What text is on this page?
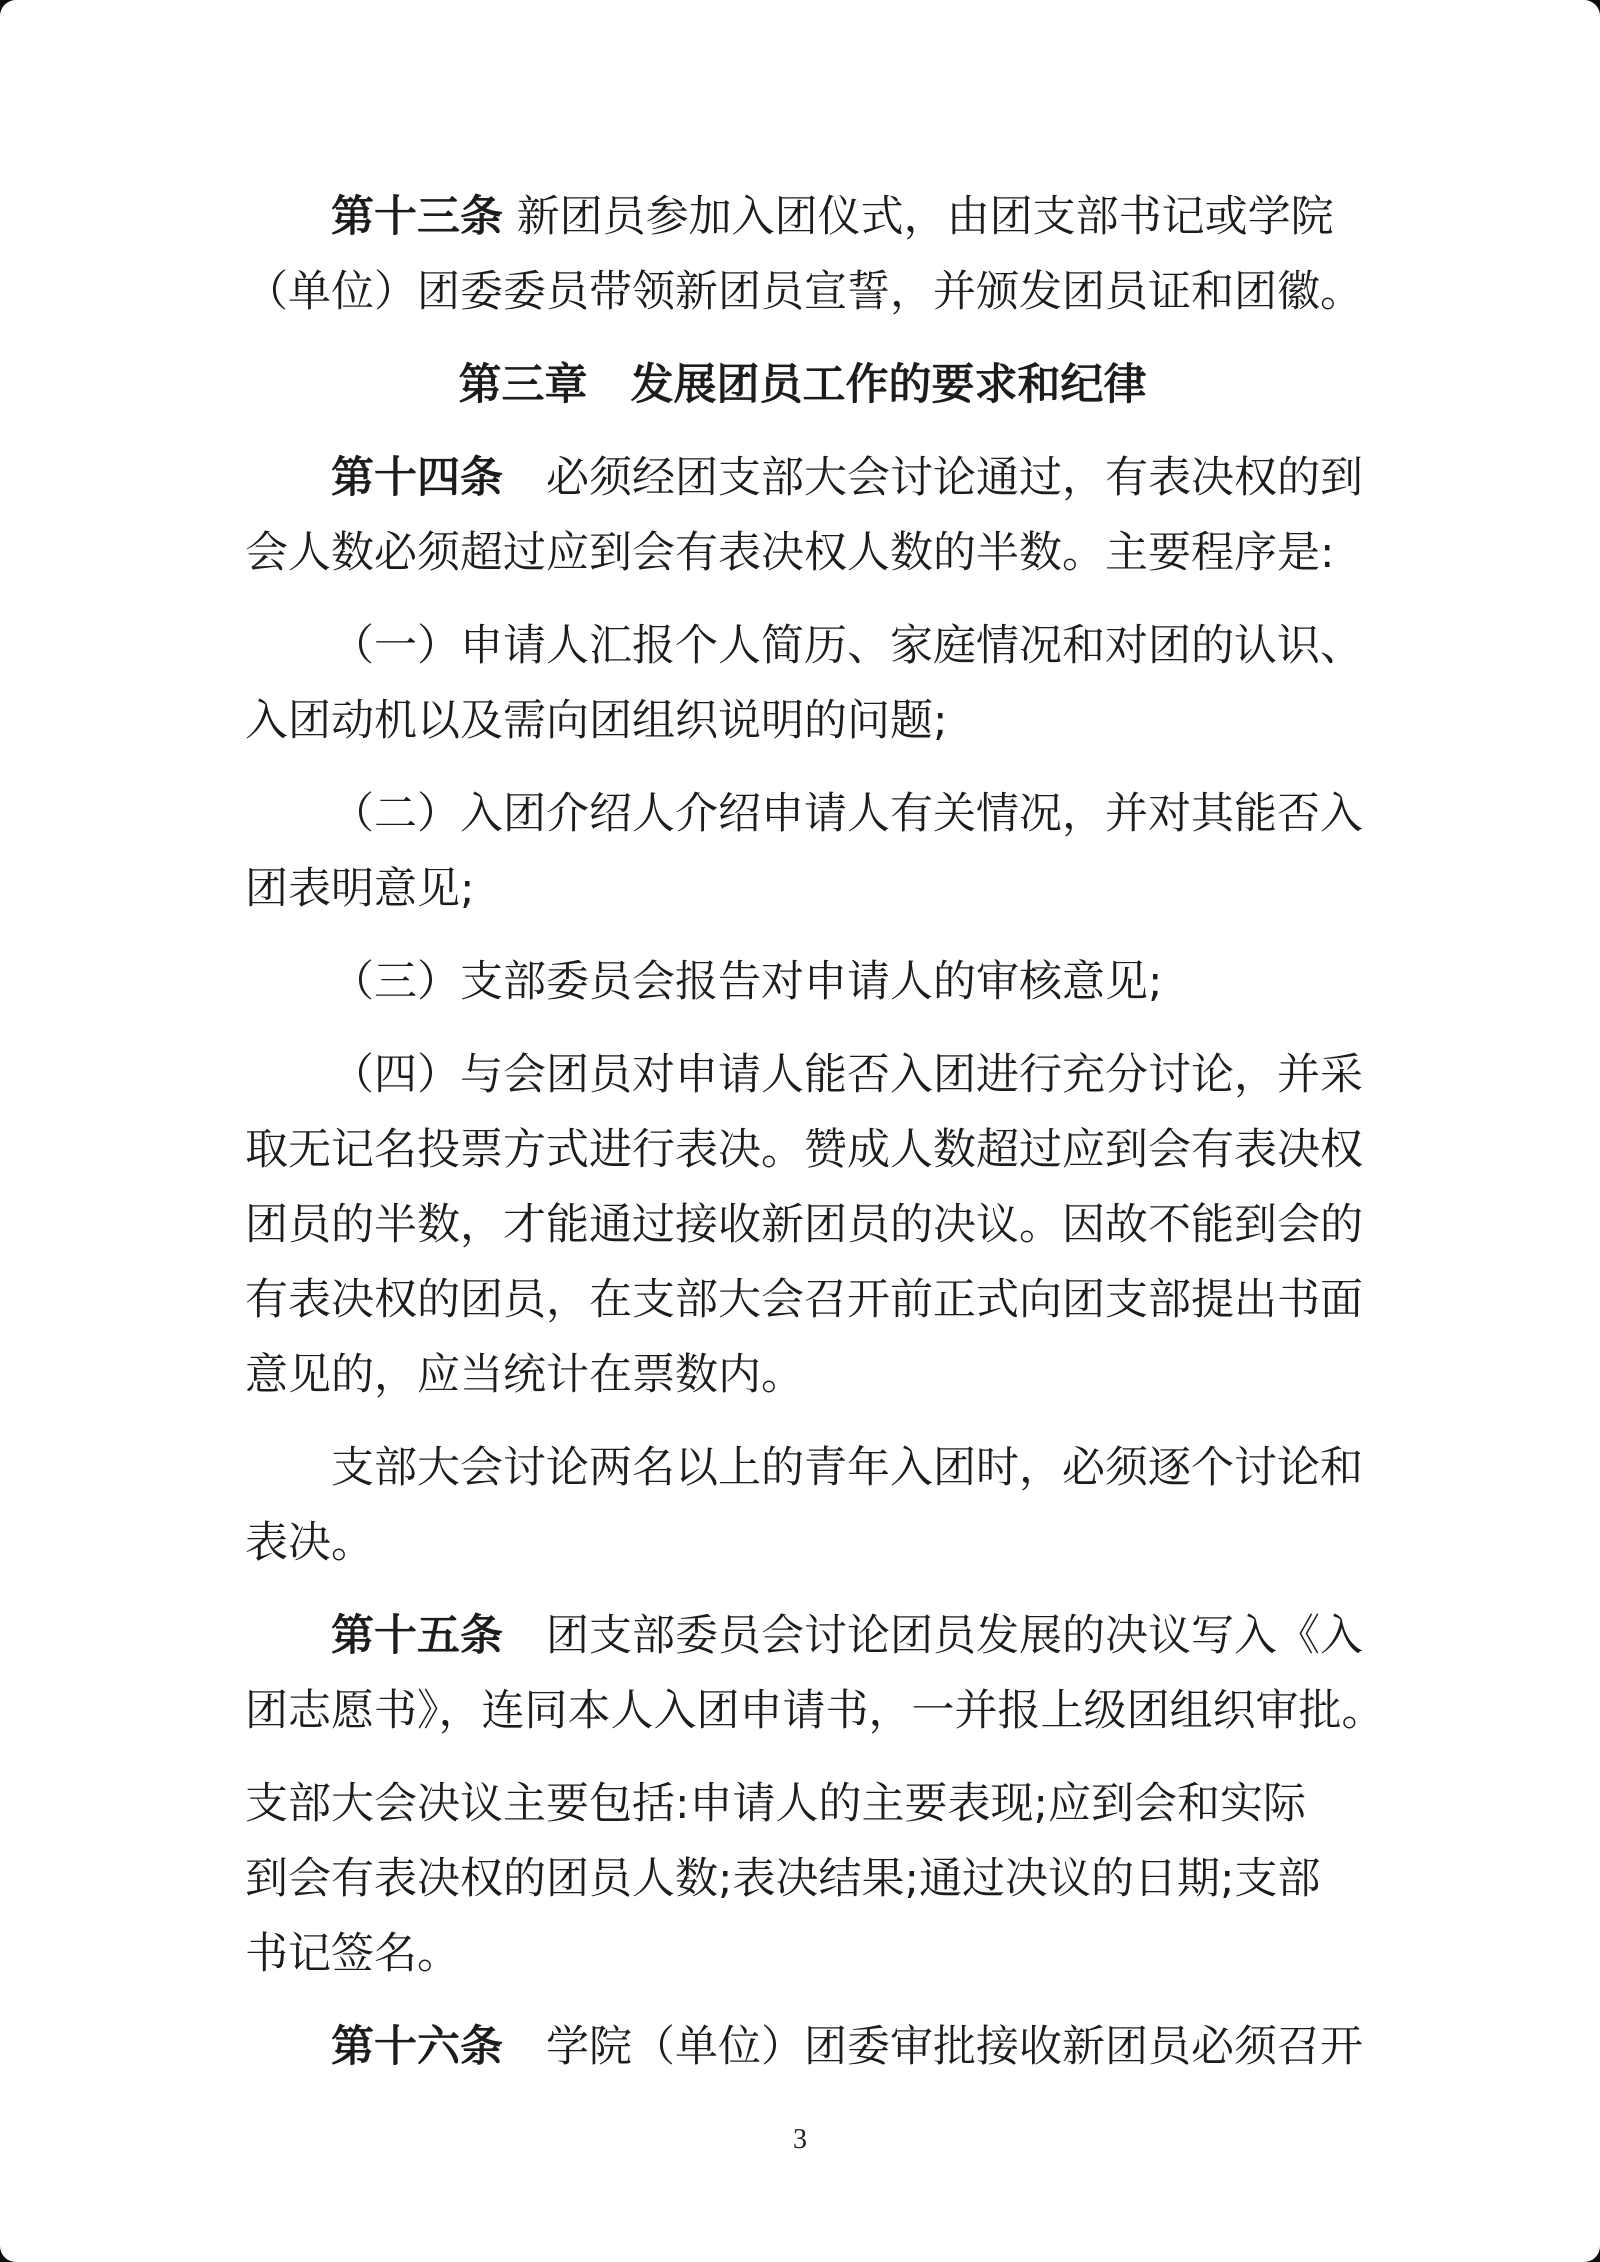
第十三条 新团员参加入团仪式，由团支部书记或学院
（单位）团委委员带领新团员宣誓，并颁发团员证和团徽。
第三章　发展团员工作的要求和纪律
第十四条　必须经团支部大会讨论通过，有表决权的到
会人数必须超过应到会有表决权人数的半数。主要程序是:
（一）申请人汇报个人简历、家庭情况和对团的认识、
入团动机以及需向团组织说明的问题;
（二）入团介绍人介绍申请人有关情况，并对其能否入
团表明意见;
（三）支部委员会报告对申请人的审核意见;
（四）与会团员对申请人能否入团进行充分讨论，并采
取无记名投票方式进行表决。赞成人数超过应到会有表决权
团员的半数，才能通过接收新团员的决议。因故不能到会的
有表决权的团员，在支部大会召开前正式向团支部提出书面
意见的，应当统计在票数内。
支部大会讨论两名以上的青年入团时，必须逐个讨论和
表决。
第十五条　团支部委员会讨论团员发展的决议写入《入
团志愿书》，连同本人入团申请书，一并报上级团组织审批。
支部大会决议主要包括:申请人的主要表现;应到会和实际
到会有表决权的团员人数;表决结果;通过决议的日期;支部
书记签名。
第十六条　学院（单位）团委审批接收新团员必须召开
3
